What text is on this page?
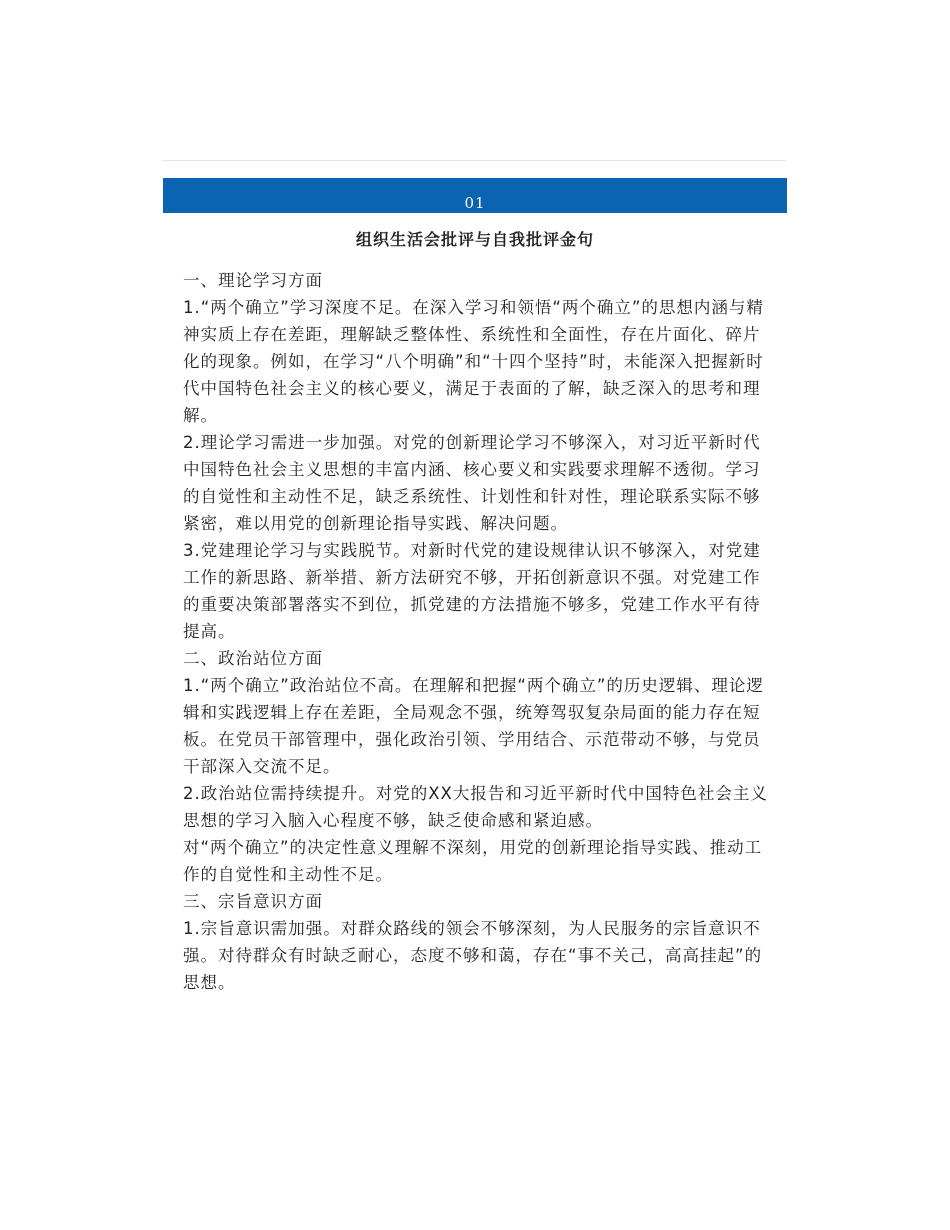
01
组织生活会批评与自我批评金句

一、理论学习方面

1.“两个确立”学习深度不足。在深入学习和领悟“两个确立”的思想内涵与精神实质上存在差距，理解缺乏整体性、系统性和全面性，存在片面化、碎片化的现象。例如，在学习“八个明确”和“十四个坚持”时，未能深入把握新时代中国特色社会主义的核心要义，满足于表面的了解，缺乏深入的思考和理解。

2.理论学习需进一步加强。对党的创新理论学习不够深入，对习近平新时代中国特色社会主义思想的丰富内涵、核心要义和实践要求理解不透彻。学习的自觉性和主动性不足，缺乏系统性、计划性和针对性，理论联系实际不够紧密，难以用党的创新理论指导实践、解决问题。

3.党建理论学习与实践脱节。对新时代党的建设规律认识不够深入，对党建工作的新思路、新举措、新方法研究不够，开拓创新意识不强。对党建工作的重要决策部署落实不到位，抓党建的方法措施不够多，党建工作水平有待提高。

二、政治站位方面

1.“两个确立”政治站位不高。在理解和把握“两个确立”的历史逻辑、理论逻辑和实践逻辑上存在差距，全局观念不强，统筹驾驭复杂局面的能力存在短板。在党员干部管理中，强化政治引领、学用结合、示范带动不够，与党员干部深入交流不足。

2.政治站位需持续提升。对党的XX大报告和习近平新时代中国特色社会主义思想的学习入脑入心程度不够，缺乏使命感和紧迫感。

对“两个确立”的决定性意义理解不深刻，用党的创新理论指导实践、推动工作的自觉性和主动性不足。

三、宗旨意识方面

1.宗旨意识需加强。对群众路线的领会不够深刻，为人民服务的宗旨意识不强。对待群众有时缺乏耐心，态度不够和蔼，存在“事不关己，高高挂起”的思想。
